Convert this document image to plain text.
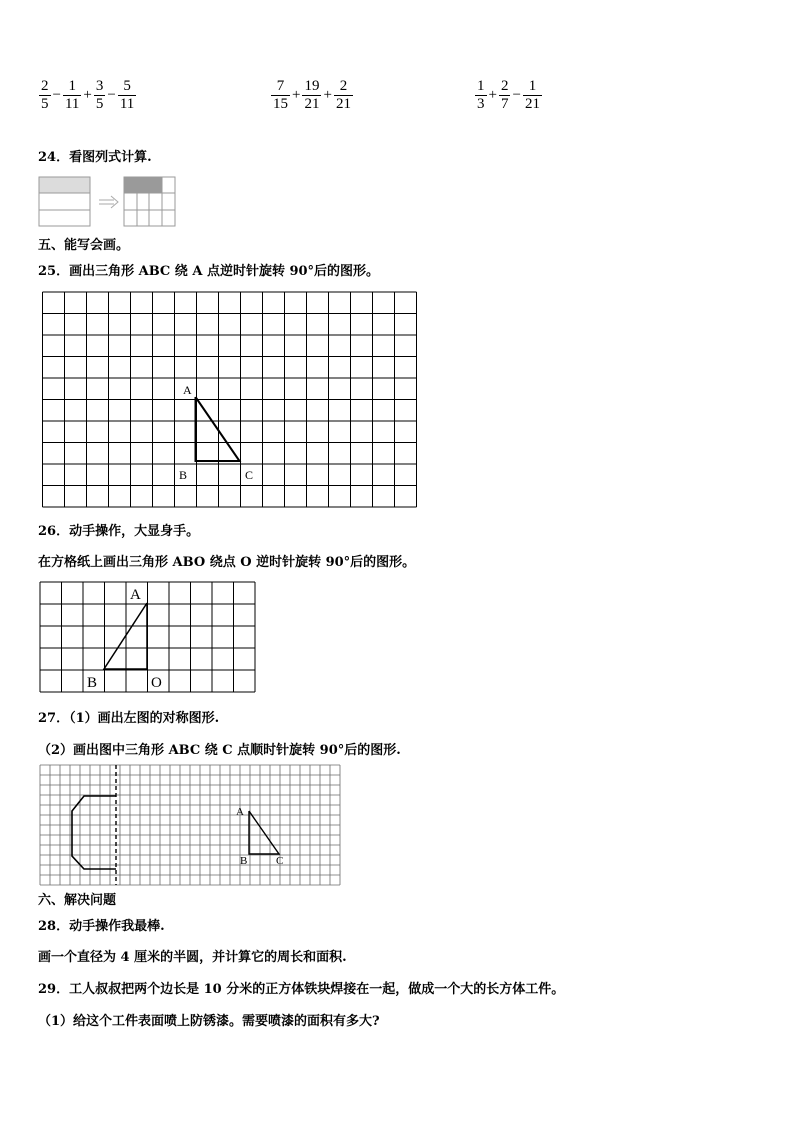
$\frac{2}{5} - \frac{1}{11} + \frac{3}{5} - \frac{5}{11}$	$\frac{7}{15} + \frac{19}{21} + \frac{2}{21}$	$\frac{1}{3} + \frac{2}{7} - \frac{1}{21}$
24．看图列式计算.
五、能写会画。
25．画出三角形 ABC 绕 A 点逆时针旋转 90°后的图形。
A
B	C
26．动手操作，大显身手。
在方格纸上画出三角形 ABO 绕点 O 逆时针旋转 90°后的图形。
A
B	O
27．（1）画出左图的对称图形.
（2）画出图中三角形 ABC 绕 C 点顺时针旋转 90°后的图形.
A
B	C
六、解决问题
28．动手操作我最棒.
画一个直径为 4 厘米的半圆，并计算它的周长和面积.
29．工人叔叔把两个边长是 10 分米的正方体铁块焊接在一起，做成一个大的长方体工件。
（1）给这个工件表面喷上防锈漆。需要喷漆的面积有多大?
